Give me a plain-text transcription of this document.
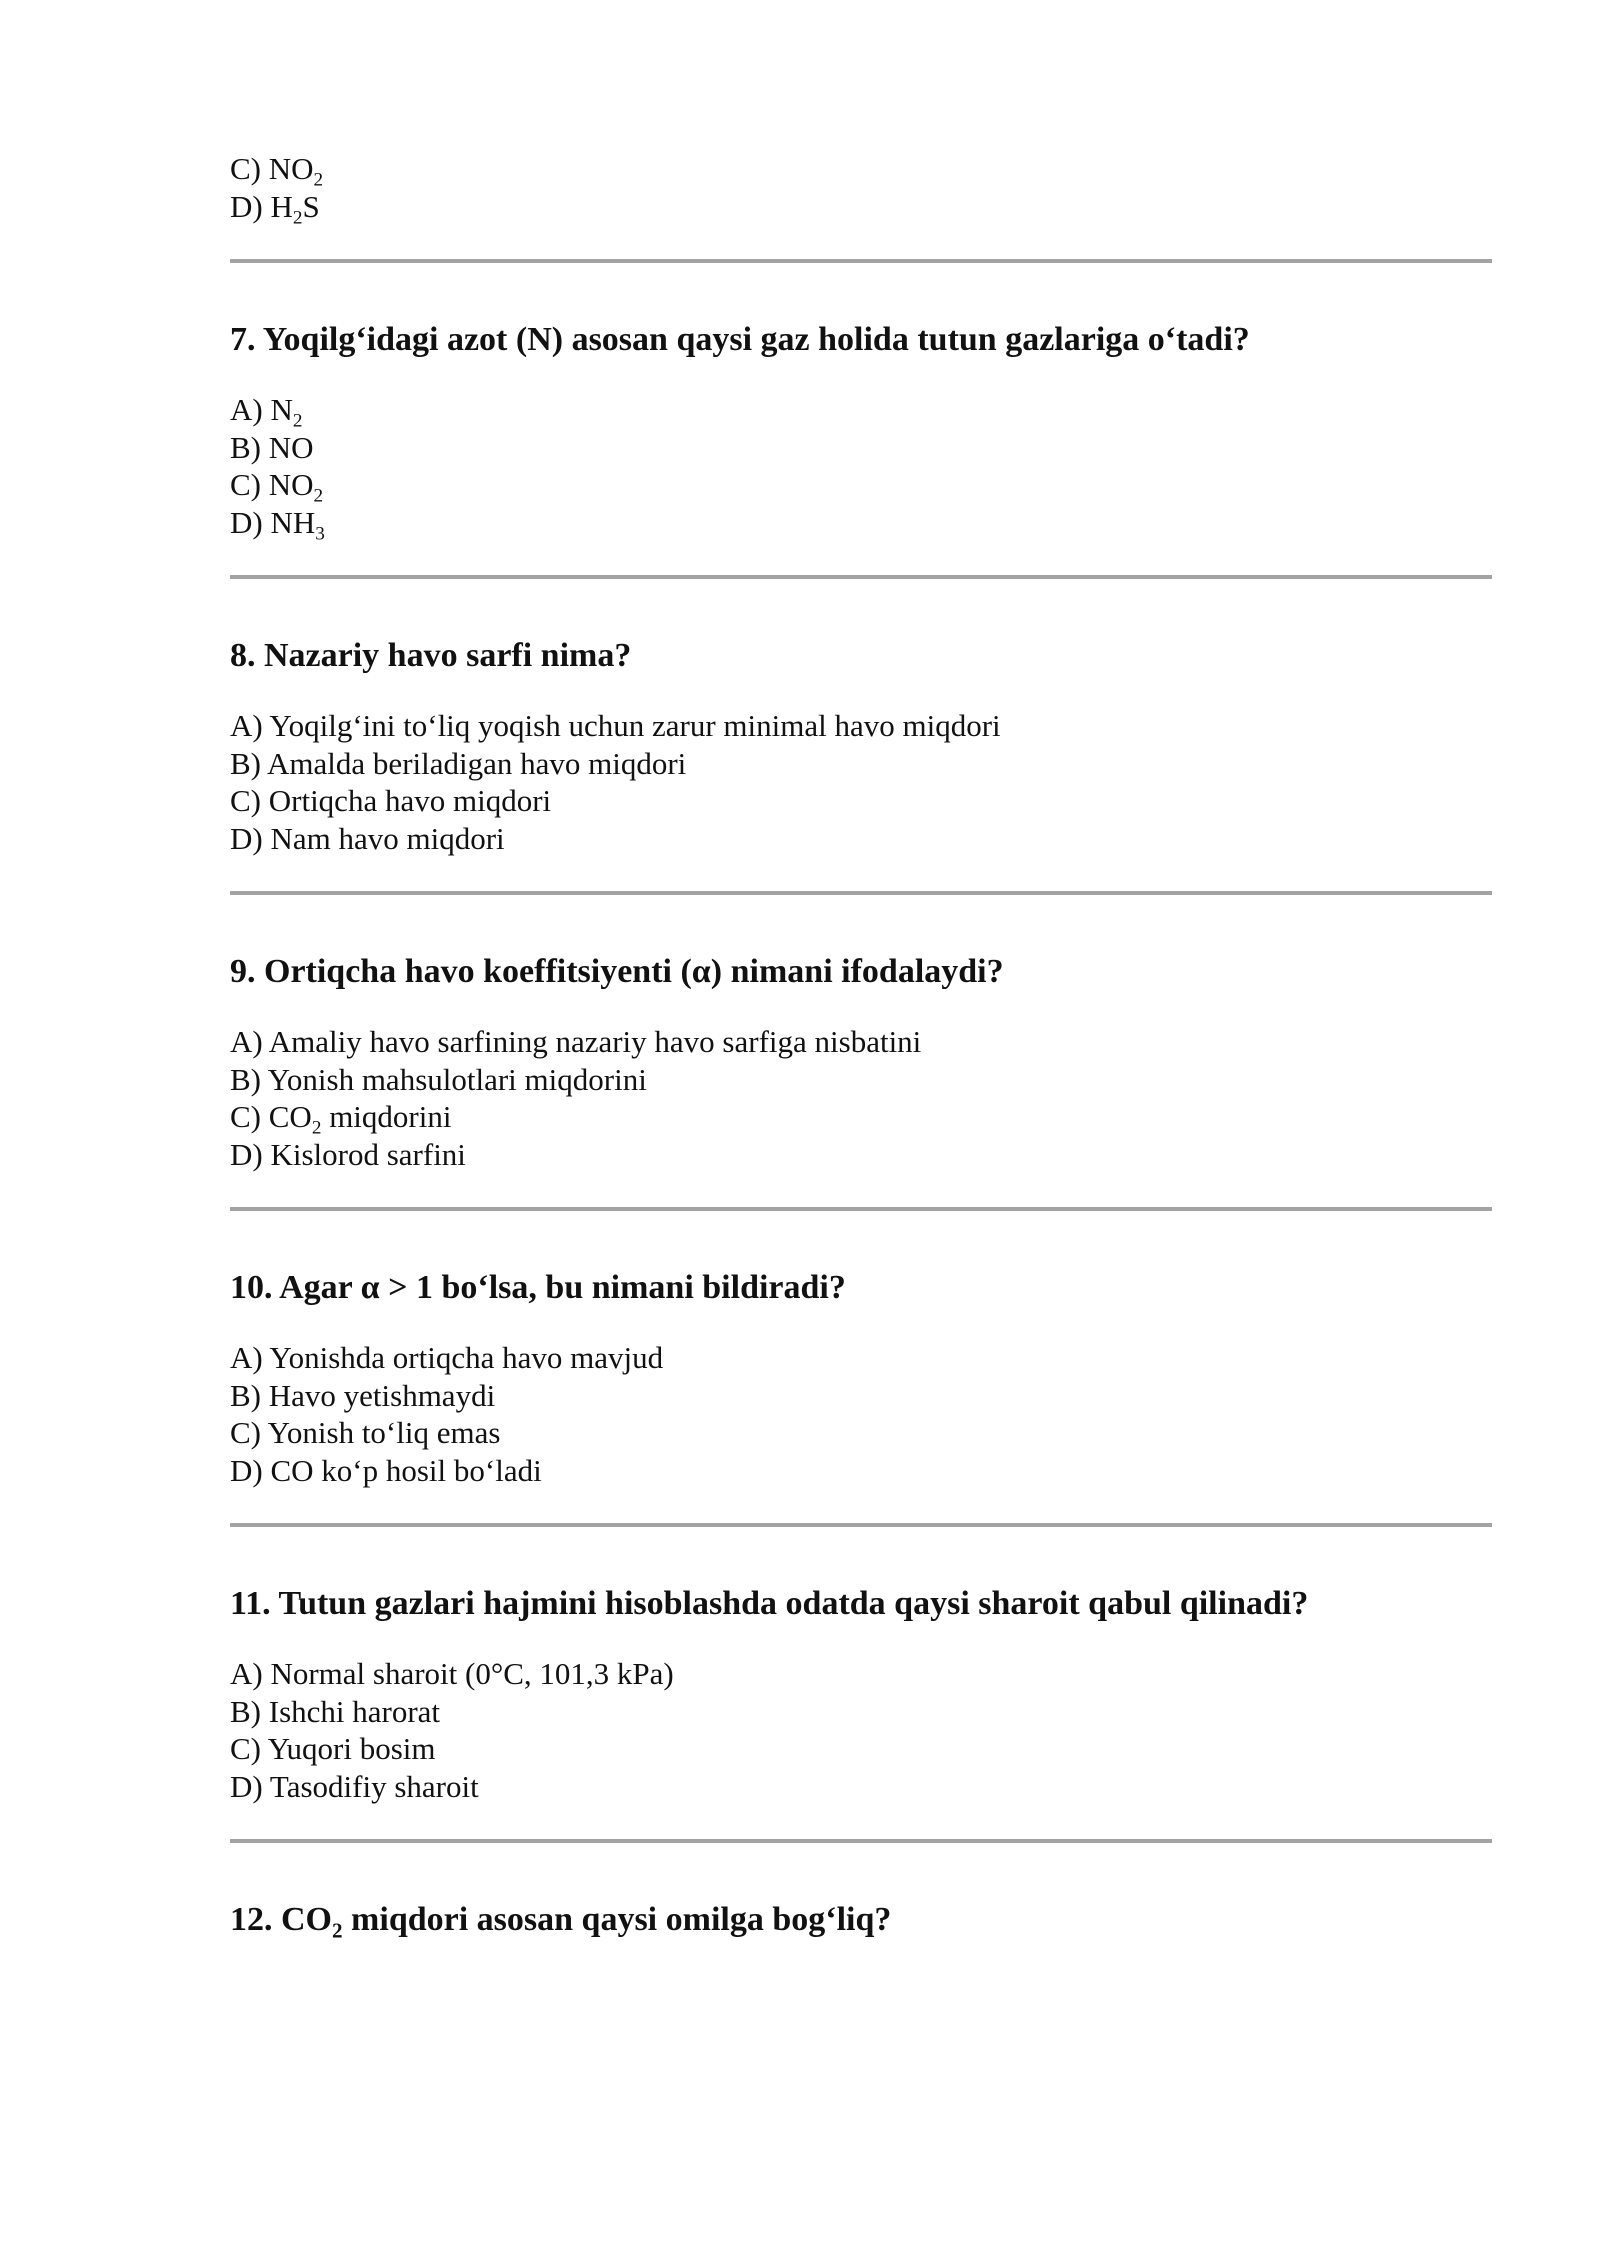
C) $NO_2$

D) $H_2S$

7. Yoqilg‘idagi azot (N) asosan qaysi gaz holida tutun gazlariga o‘tadi?

A) $N_2$

B) NO

C) $NO_2$

D) $NH_3$

8. Nazariy havo sarfi nima?

A) Yoqilg‘ini to‘liq yoqish uchun zarur minimal havo miqdori

B) Amalda beriladigan havo miqdori

C) Ortiqcha havo miqdori

D) Nam havo miqdori

9. Ortiqcha havo koeffitsiyenti (α) nimani ifodalaydi?

A) Amaliy havo sarfining nazariy havo sarfiga nisbatini

B) Yonish mahsulotlari miqdorini

C) $CO_2$ miqdorini

D) Kislorod sarfini

10. Agar α > 1 bo‘lsa, bu nimani bildiradi?

A) Yonishda ortiqcha havo mavjud

B) Havo yetishmaydi

C) Yonish to‘liq emas

D) CO ko‘p hosil bo‘ladi

11. Tutun gazlari hajmini hisoblashda odatda qaysi sharoit qabul qilinadi?

A) Normal sharoit (0°C, 101,3 kPa)

B) Ishchi harorat

C) Yuqori bosim

D) Tasodifiy sharoit

12. $CO_2$ miqdori asosan qaysi omilga bog‘liq?
